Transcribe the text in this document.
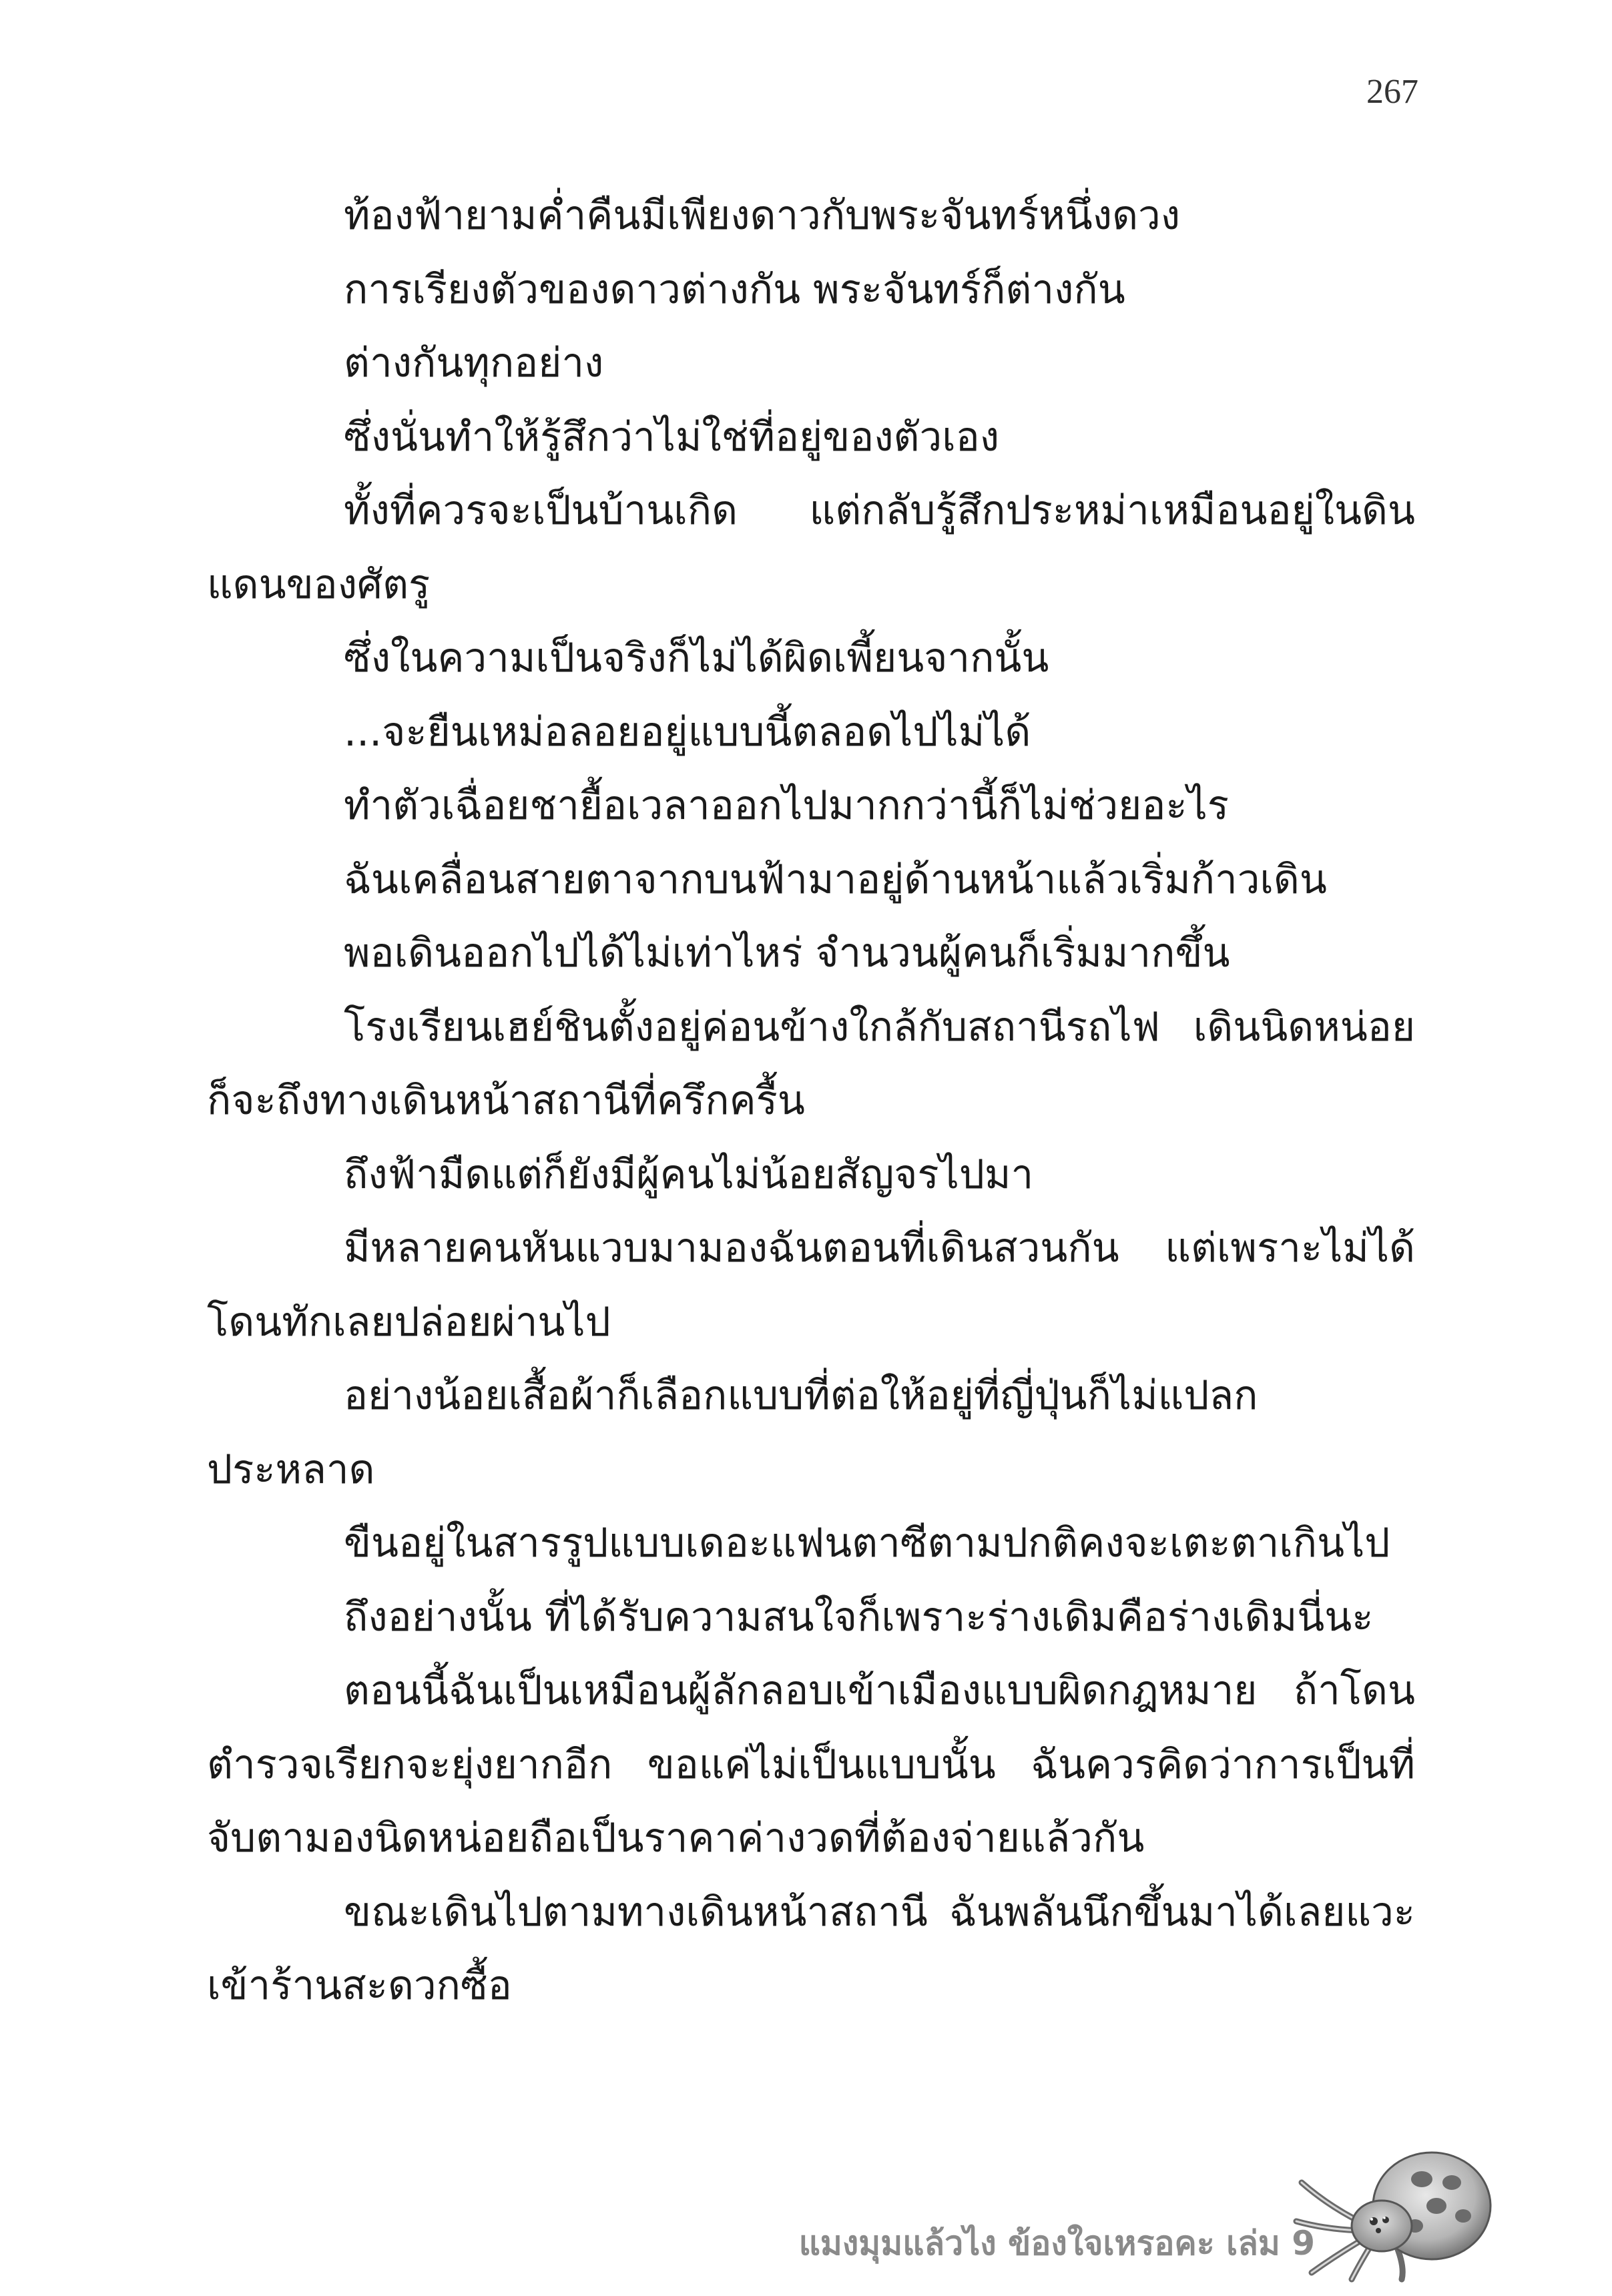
267

ท้องฟ้ายามค่ำคืนมีเพียงดาวกับพระจันทร์หนึ่งดวง

การเรียงตัวของดาวต่างกัน พระจันทร์ก็ต่างกัน

ต่างกันทุกอย่าง

ซึ่งนั่นทำให้รู้สึกว่าไม่ใช่ที่อยู่ของตัวเอง

ทั้งที่ควรจะเป็นบ้านเกิด แต่กลับรู้สึกประหม่าเหมือนอยู่ในดินแดนของศัตรู

ซึ่งในความเป็นจริงก็ไม่ได้ผิดเพี้ยนจากนั้น

...จะยืนเหม่อลอยอยู่แบบนี้ตลอดไปไม่ได้

ทำตัวเฉื่อยชายื้อเวลาออกไปมากกว่านี้ก็ไม่ช่วยอะไร

ฉันเคลื่อนสายตาจากบนฟ้ามาอยู่ด้านหน้าแล้วเริ่มก้าวเดิน

พอเดินออกไปได้ไม่เท่าไหร่ จำนวนผู้คนก็เริ่มมากขึ้น

โรงเรียนเฮย์ชินตั้งอยู่ค่อนข้างใกล้กับสถานีรถไฟ เดินนิดหน่อยก็จะถึงทางเดินหน้าสถานีที่ครึกครื้น

ถึงฟ้ามืดแต่ก็ยังมีผู้คนไม่น้อยสัญจรไปมา

มีหลายคนหันแวบมามองฉันตอนที่เดินสวนกัน แต่เพราะไม่ได้โดนทักเลยปล่อยผ่านไป

อย่างน้อยเสื้อผ้าก็เลือกแบบที่ต่อให้อยู่ที่ญี่ปุ่นก็ไม่แปลกประหลาด

ขืนอยู่ในสารรูปแบบเดอะแฟนตาซีตามปกติคงจะเตะตาเกินไป

ถึงอย่างนั้น ที่ได้รับความสนใจก็เพราะร่างเดิมคือร่างเดิมนี่นะ

ตอนนี้ฉันเป็นเหมือนผู้ลักลอบเข้าเมืองแบบผิดกฎหมาย ถ้าโดนตำรวจเรียกจะยุ่งยากอีก ขอแค่ไม่เป็นแบบนั้น ฉันควรคิดว่าการเป็นที่จับตามองนิดหน่อยถือเป็นราคาค่างวดที่ต้องจ่ายแล้วกัน

ขณะเดินไปตามทางเดินหน้าสถานี ฉันพลันนึกขึ้นมาได้เลยแวะเข้าร้านสะดวกซื้อ

แมงมุมแล้วไง ข้องใจเหรอคะ เล่ม 9
